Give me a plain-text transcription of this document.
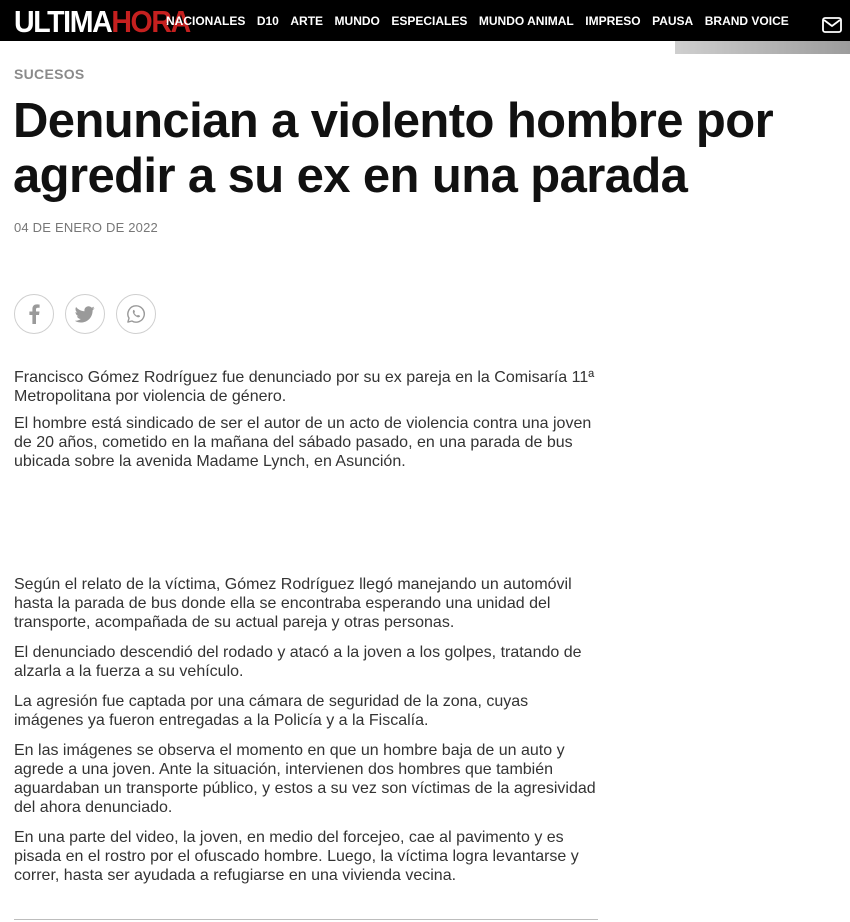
ULTIMA HORA
NACIONALES D10 ARTE MUNDO ESPECIALES MUNDO ANIMAL IMPRESO PAUSA BRAND VOICE
SUCESOS
Denuncian a violento hombre por agredir a su ex en una parada
04 DE ENERO DE 2022

Francisco Gómez Rodríguez fue denunciado por su ex pareja en la Comisaría 11ª Metropolitana por violencia de género.

El hombre está sindicado de ser el autor de un acto de violencia contra una joven de 20 años, cometido en la mañana del sábado pasado, en una parada de bus ubicada sobre la avenida Madame Lynch, en Asunción.

Según el relato de la víctima, Gómez Rodríguez llegó manejando un automóvil hasta la parada de bus donde ella se encontraba esperando una unidad del transporte, acompañada de su actual pareja y otras personas.

El denunciado descendió del rodado y atacó a la joven a los golpes, tratando de alzarla a la fuerza a su vehículo.

La agresión fue captada por una cámara de seguridad de la zona, cuyas imágenes ya fueron entregadas a la Policía y a la Fiscalía.

En las imágenes se observa el momento en que un hombre baja de un auto y agrede a una joven. Ante la situación, intervienen dos hombres que también aguardaban un transporte público, y estos a su vez son víctimas de la agresividad del ahora denunciado.

En una parte del video, la joven, en medio del forcejeo, cae al pavimento y es pisada en el rostro por el ofuscado hombre. Luego, la víctima logra levantarse y correr, hasta ser ayudada a refugiarse en una vivienda vecina.
